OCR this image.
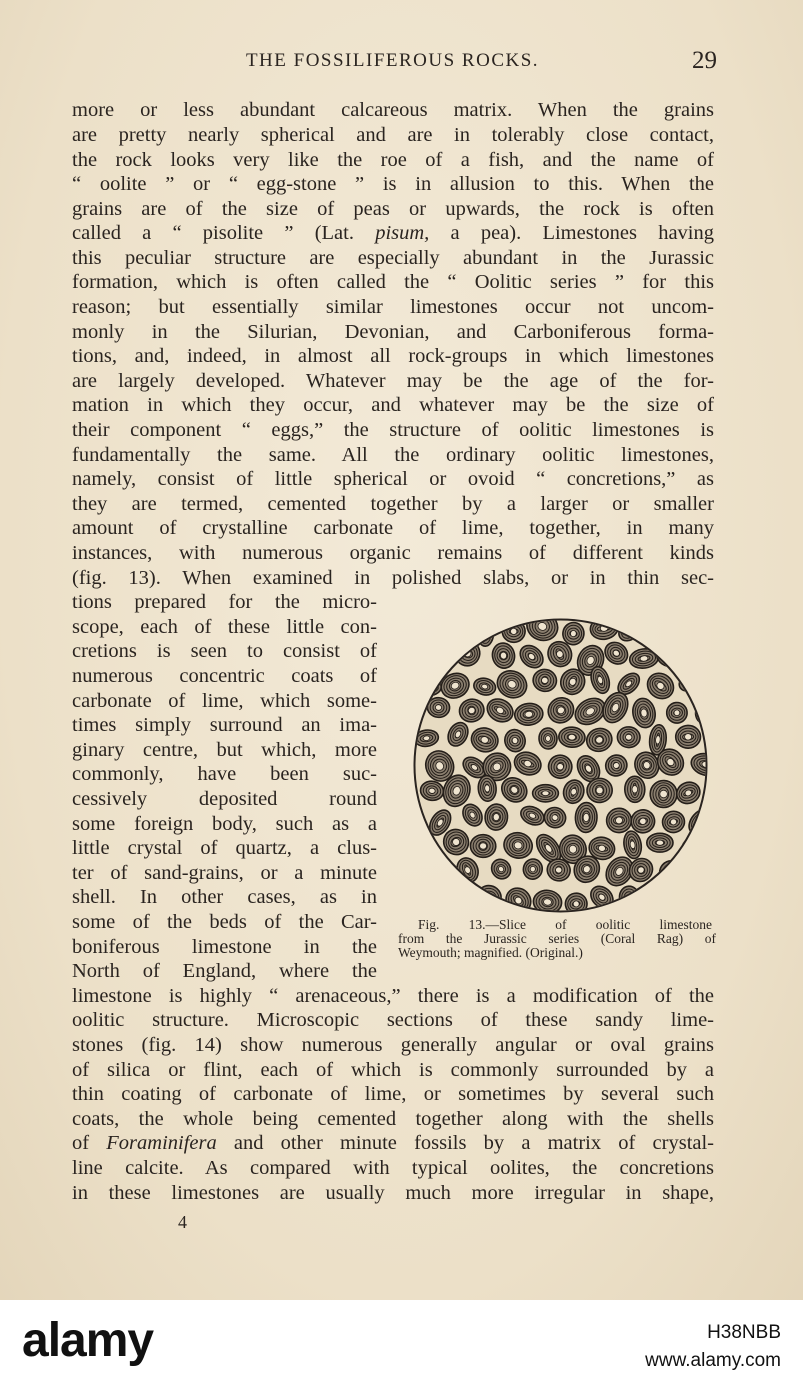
THE FOSSILIFEROUS ROCKS.	29
more or less abundant calcareous matrix. When the grains
are pretty nearly spherical and are in tolerably close contact,
the rock looks very like the roe of a fish, and the name of
“ oolite ” or “ egg-stone ” is in allusion to this. When the
grains are of the size of peas or upwards, the rock is often
called a “ pisolite ” (Lat. pisum, a pea). Limestones having
this peculiar structure are especially abundant in the Jurassic
formation, which is often called the “ Oolitic series ” for this
reason; but essentially similar limestones occur not uncom-
monly in the Silurian, Devonian, and Carboniferous forma-
tions, and, indeed, in almost all rock-groups in which limestones
are largely developed. Whatever may be the age of the for-
mation in which they occur, and whatever may be the size of
their component “ eggs,” the structure of oolitic limestones is
fundamentally the same. All the ordinary oolitic limestones,
namely, consist of little spherical or ovoid “ concretions,” as
they are termed, cemented together by a larger or smaller
amount of crystalline carbonate of lime, together, in many
instances, with numerous organic remains of different kinds
(fig. 13). When examined in polished slabs, or in thin sec-
tions prepared for the micro-
scope, each of these little con-
cretions is seen to consist of
numerous concentric coats of
carbonate of lime, which some-
times simply surround an ima-
ginary centre, but which, more
commonly, have been suc-
cessively deposited round
some foreign body, such as a
little crystal of quartz, a clus-
ter of sand-grains, or a minute
shell. In other cases, as in
some of the beds of the Car-
boniferous limestone in the
North of England, where the
limestone is highly “ arenaceous,” there is a modification of the
oolitic structure. Microscopic sections of these sandy lime-
stones (fig. 14) show numerous generally angular or oval grains
of silica or flint, each of which is commonly surrounded by a
thin coating of carbonate of lime, or sometimes by several such
coats, the whole being cemented together along with the shells
of Foraminifera and other minute fossils by a matrix of crystal-
line calcite. As compared with typical oolites, the concretions
in these limestones are usually much more irregular in shape,
Fig. 13.—Slice of oolitic limestone
from the Jurassic series (Coral Rag) of
Weymouth; magnified. (Original.)
4
alamy	H38NBB
www.alamy.com
